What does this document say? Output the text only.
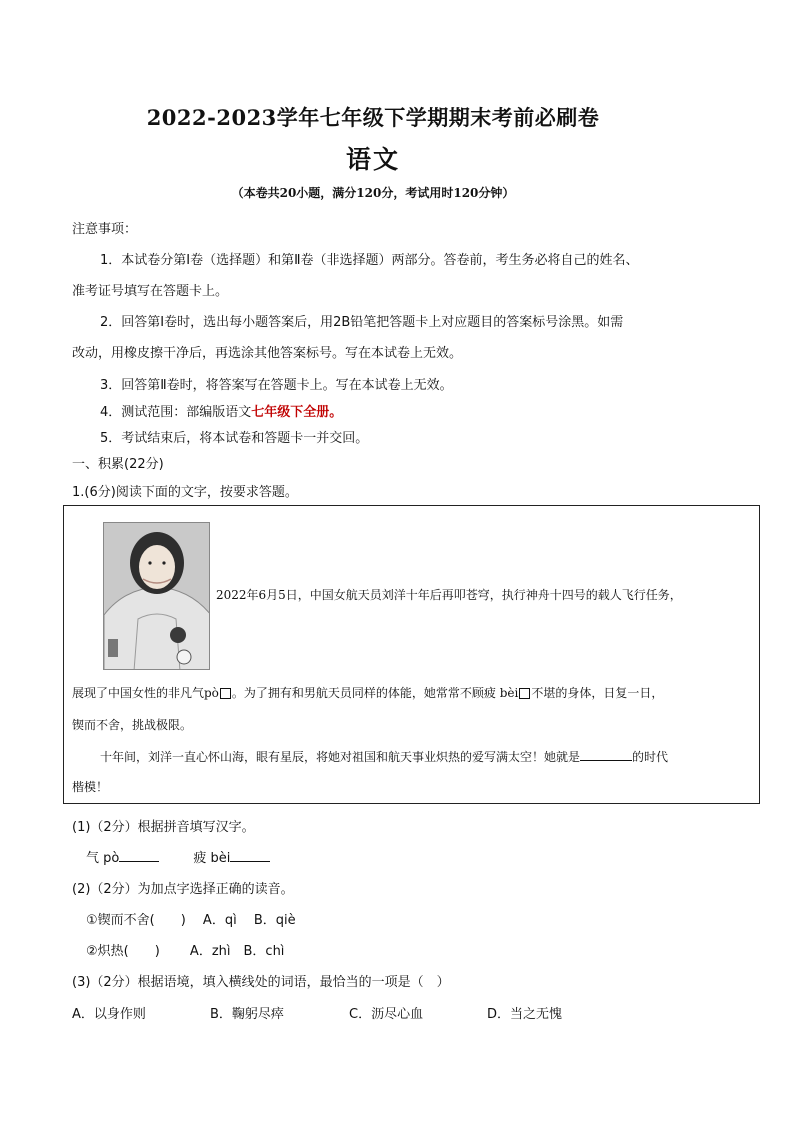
2022-2023学年七年级下学期期末考前必刷卷
语文
（本卷共20小题，满分120分，考试用时120分钟）
注意事项：
1．本试卷分第Ⅰ卷（选择题）和第Ⅱ卷（非选择题）两部分。答卷前，考生务必将自己的姓名、
准考证号填写在答题卡上。
2．回答第Ⅰ卷时，选出每小题答案后，用2B铅笔把答题卡上对应题目的答案标号涂黑。如需
改动，用橡皮擦干净后，再选涂其他答案标号。写在本试卷上无效。
3．回答第Ⅱ卷时，将答案写在答题卡上。写在本试卷上无效。
4．测试范围：部编版语文七年级下全册。
5．考试结束后，将本试卷和答题卡一并交回。
一、积累(22分)
1.(6分)阅读下面的文字，按要求答题。
2022年6月5日，中国女航天员刘洋十年后再叩苍穹，执行神舟十四号的载人飞行任务，
展现了中国女性的非凡气pò 。为了拥有和男航天员同样的体能，她常常不顾疲 bèi 不堪的身体，日复一日，
锲而不舍，挑战极限。
十年间，刘洋一直心怀山海，眼有星辰，将她对祖国和航天事业炽热的爱写满太空！她就是	的时代
楷模！
(1)（2分）根据拼音填写汉字。
气 pò	疲 bèi
(2)（2分）为加点字选择正确的读音。
①锲而不舍(　　)　 A．qì　 B．qiè
②炽热(　　)　　 A．zhì　B．chì
(3)（2分）根据语境，填入横线处的词语，最恰当的一项是（　）
A．以身作则	B．鞠躬尽瘁	C．沥尽心血	D．当之无愧
